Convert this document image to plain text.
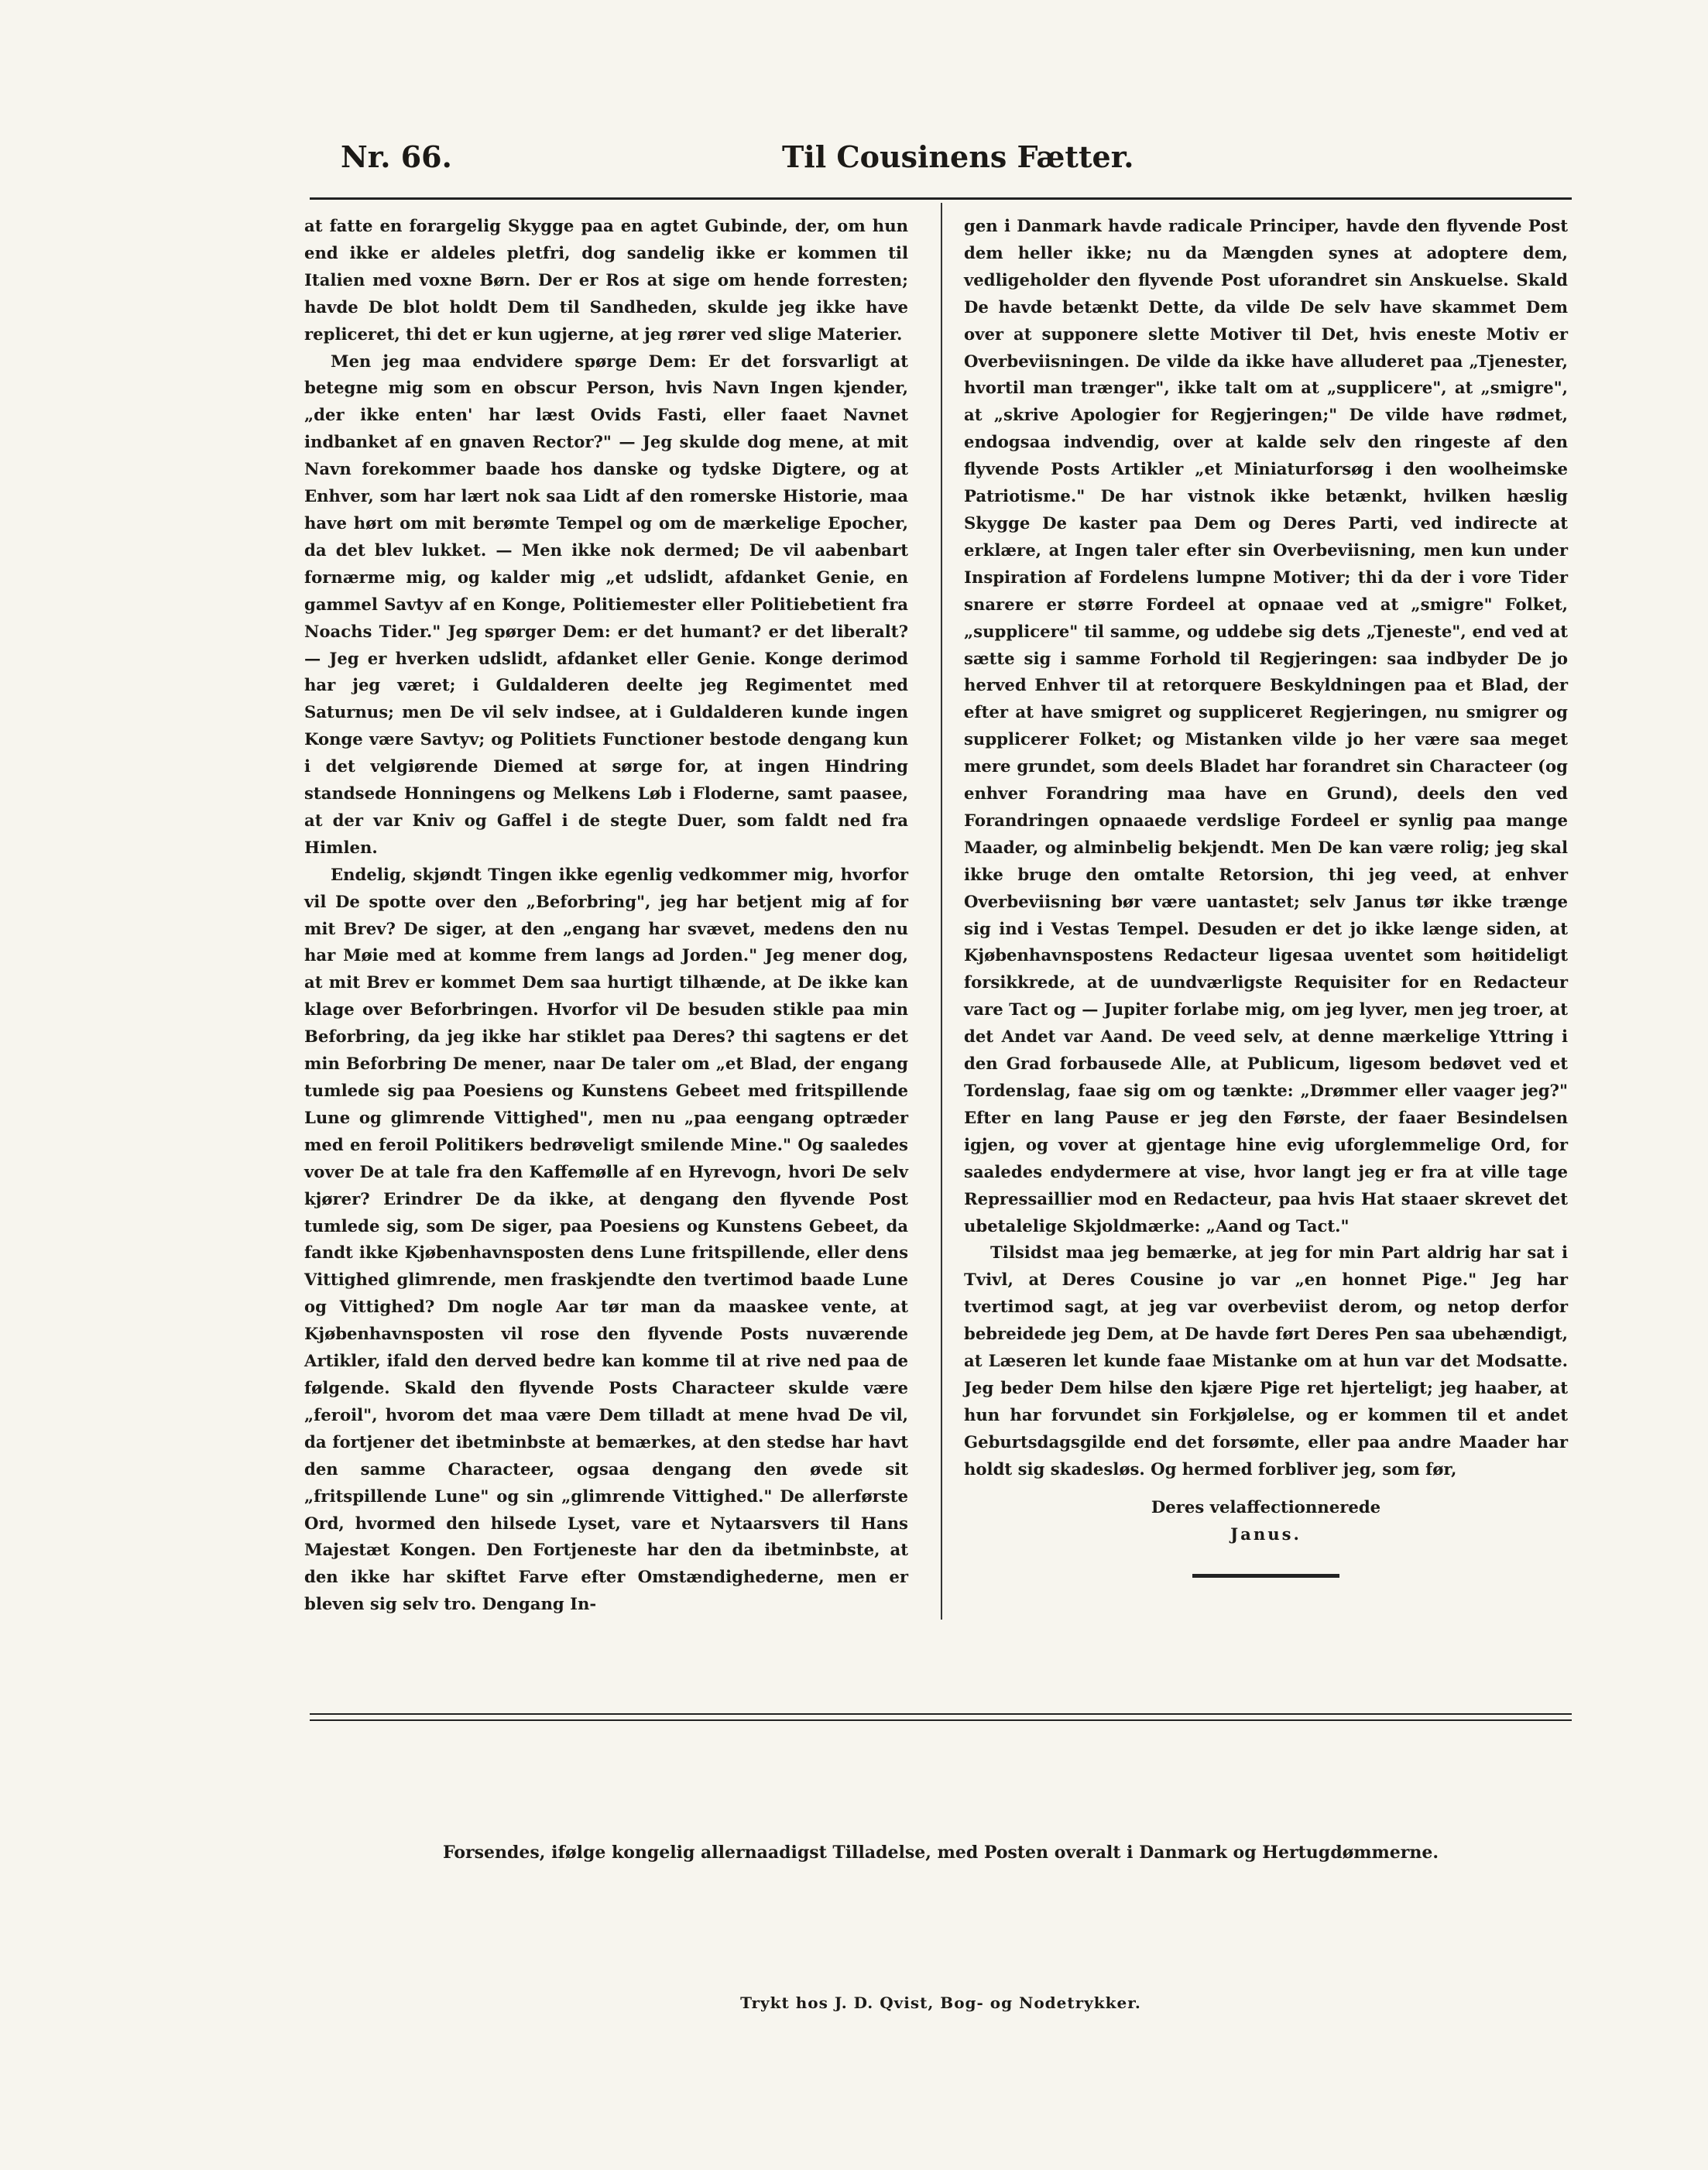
Nr. 66.	Til Cousinens Fætter.

at fatte en forargelig Skygge paa en agtet Gubinde, der, om hun end ikke er aldeles pletfri, dog sandelig ikke er kommen til Italien med voxne Børn. Der er Ros at sige om hende forresten; havde De blot holdt Dem til Sandheden, skulde jeg ikke have repliceret, thi det er kun ugjerne, at jeg rører ved slige Materier.

Men jeg maa endvidere spørge Dem: Er det forsvarligt at betegne mig som en obscur Person, hvis Navn Ingen kjender, „der ikke enten' har læst Ovids Fasti, eller faaet Navnet indbanket af en gnaven Rector?" — Jeg skulde dog mene, at mit Navn forekommer baade hos danske og tydske Digtere, og at Enhver, som har lært nok saa Lidt af den romerske Historie, maa have hørt om mit berømte Tempel og om de mærkelige Epocher, da det blev lukket. — Men ikke nok dermed; De vil aabenbart fornærme mig, og kalder mig „et udslidt, afdanket Genie, en gammel Savtyv af en Konge, Politiemester eller Politiebetient fra Noachs Tider." Jeg spørger Dem: er det humant? er det liberalt? — Jeg er hverken udslidt, afdanket eller Genie. Konge derimod har jeg været; i Guldalderen deelte jeg Regimentet med Saturnus; men De vil selv indsee, at i Guldalderen kunde ingen Konge være Savtyv; og Politiets Functioner bestode dengang kun i det velgiørende Diemed at sørge for, at ingen Hindring standsede Honningens og Melkens Løb i Floderne, samt paasee, at der var Kniv og Gaffel i de stegte Duer, som faldt ned fra Himlen.

Endelig, skjøndt Tingen ikke egenlig vedkommer mig, hvorfor vil De spotte over den „Beforbring", jeg har betjent mig af for mit Brev? De siger, at den „engang har svævet, medens den nu har Møie med at komme frem langs ad Jorden." Jeg mener dog, at mit Brev er kommet Dem saa hurtigt tilhænde, at De ikke kan klage over Beforbringen. Hvorfor vil De besuden stikle paa min Beforbring, da jeg ikke har stiklet paa Deres? thi sagtens er det min Beforbring De mener, naar De taler om „et Blad, der engang tumlede sig paa Poesiens og Kunstens Gebeet med fritspillende Lune og glimrende Vittighed", men nu „paa eengang optræder med en feroil Politikers bedrøveligt smilende Mine." Og saaledes vover De at tale fra den Kaffemølle af en Hyrevogn, hvori De selv kjører? Erindrer De da ikke, at dengang den flyvende Post tumlede sig, som De siger, paa Poesiens og Kunstens Gebeet, da fandt ikke Kjøbenhavnsposten dens Lune fritspillende, eller dens Vittighed glimrende, men fraskjendte den tvertimod baade Lune og Vittighed? Dm nogle Aar tør man da maaskee vente, at Kjøbenhavnsposten vil rose den flyvende Posts nuværende Artikler, ifald den derved bedre kan komme til at rive ned paa de følgende. Skald den flyvende Posts Characteer skulde være „feroil", hvorom det maa være Dem tilladt at mene hvad De vil, da fortjener det ibetminbste at bemærkes, at den stedse har havt den samme Characteer, ogsaa dengang den øvede sit „fritspillende Lune" og sin „glimrende Vittighed." De allerførste Ord, hvormed den hilsede Lyset, vare et Nytaarsvers til Hans Majestæt Kongen. Den Fortjeneste har den da ibetminbste, at den ikke har skiftet Farve efter Omstændighederne, men er bleven sig selv tro. Dengang In-

gen i Danmark havde radicale Principer, havde den flyvende Post dem heller ikke; nu da Mængden synes at adoptere dem, vedligeholder den flyvende Post uforandret sin Anskuelse. Skald De havde betænkt Dette, da vilde De selv have skammet Dem over at supponere slette Motiver til Det, hvis eneste Motiv er Overbeviisningen. De vilde da ikke have alluderet paa „Tjenester, hvortil man trænger", ikke talt om at „supplicere", at „smigre", at „skrive Apologier for Regjeringen;" De vilde have rødmet, endogsaa indvendig, over at kalde selv den ringeste af den flyvende Posts Artikler „et Miniaturforsøg i den woolheimske Patriotisme." De har vistnok ikke betænkt, hvilken hæslig Skygge De kaster paa Dem og Deres Parti, ved indirecte at erklære, at Ingen taler efter sin Overbeviisning, men kun under Inspiration af Fordelens lumpne Motiver; thi da der i vore Tider snarere er større Fordeel at opnaae ved at „smigre" Folket, „supplicere" til samme, og uddebe sig dets „Tjeneste", end ved at sætte sig i samme Forhold til Regjeringen: saa indbyder De jo herved Enhver til at retorquere Beskyldningen paa et Blad, der efter at have smigret og suppliceret Regjeringen, nu smigrer og supplicerer Folket; og Mistanken vilde jo her være saa meget mere grundet, som deels Bladet har forandret sin Characteer (og enhver Forandring maa have en Grund), deels den ved Forandringen opnaaede verdslige Fordeel er synlig paa mange Maader, og alminbelig bekjendt. Men De kan være rolig; jeg skal ikke bruge den omtalte Retorsion, thi jeg veed, at enhver Overbeviisning bør være uantastet; selv Janus tør ikke trænge sig ind i Vestas Tempel. Desuden er det jo ikke længe siden, at Kjøbenhavnspostens Redacteur ligesaa uventet som høitideligt forsikkrede, at de uundværligste Requisiter for en Redacteur vare Tact og — Jupiter forlabe mig, om jeg lyver, men jeg troer, at det Andet var Aand. De veed selv, at denne mærkelige Yttring i den Grad forbausede Alle, at Publicum, ligesom bedøvet ved et Tordenslag, faae sig om og tænkte: „Drømmer eller vaager jeg?" Efter en lang Pause er jeg den Første, der faaer Besindelsen igjen, og vover at gjentage hine evig uforglemmelige Ord, for saaledes endydermere at vise, hvor langt jeg er fra at ville tage Repressaillier mod en Redacteur, paa hvis Hat staaer skrevet det ubetalelige Skjoldmærke: „Aand og Tact."

Tilsidst maa jeg bemærke, at jeg for min Part aldrig har sat i Tvivl, at Deres Cousine jo var „en honnet Pige." Jeg har tvertimod sagt, at jeg var overbeviist derom, og netop derfor bebreidede jeg Dem, at De havde ført Deres Pen saa ubehændigt, at Læseren let kunde faae Mistanke om at hun var det Modsatte. Jeg beder Dem hilse den kjære Pige ret hjerteligt; jeg haaber, at hun har forvundet sin Forkjølelse, og er kommen til et andet Geburtsdagsgilde end det forsømte, eller paa andre Maader har holdt sig skadesløs. Og hermed forbliver jeg, som før,

Deres velaffectionnerede

Janus.

Forsendes, ifølge kongelig allernaadigst Tilladelse, med Posten overalt i Danmark og Hertugdømmerne.
Trykt hos J. D. Qvist, Bog- og Nodetrykker.
